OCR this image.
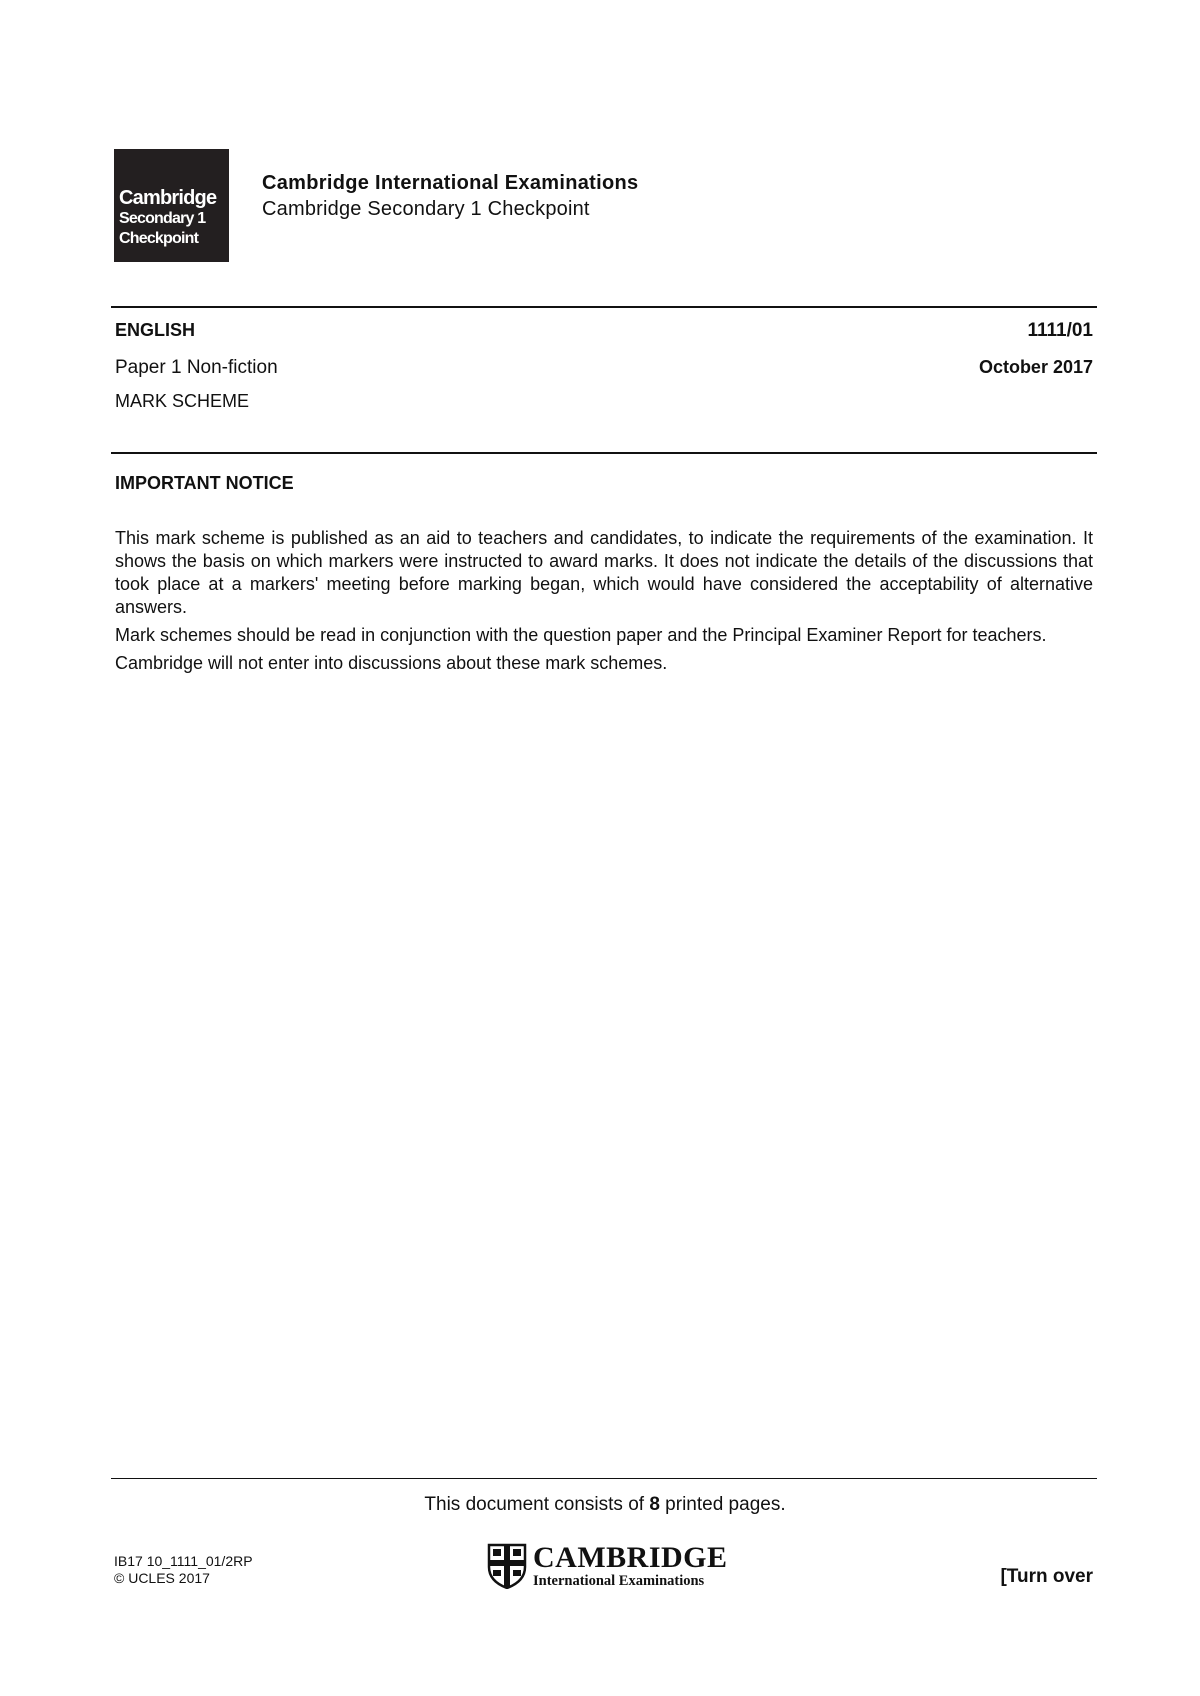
Cambridge
Secondary 1
Checkpoint
Cambridge International Examinations
Cambridge Secondary 1 Checkpoint
ENGLISH	1111/01
Paper 1 Non-fiction	October 2017
MARK SCHEME
IMPORTANT NOTICE

This mark scheme is published as an aid to teachers and candidates, to indicate the requirements of the examination. It shows the basis on which markers were instructed to award marks. It does not indicate the details of the discussions that took place at a markers' meeting before marking began, which would have considered the acceptability of alternative answers.

Mark schemes should be read in conjunction with the question paper and the Principal Examiner Report for teachers.

Cambridge will not enter into discussions about these mark schemes.

This document consists of 8 printed pages.
IB17 10_1111_01/2RP
© UCLES 2017
CAMBRIDGE
International Examinations	[Turn over
